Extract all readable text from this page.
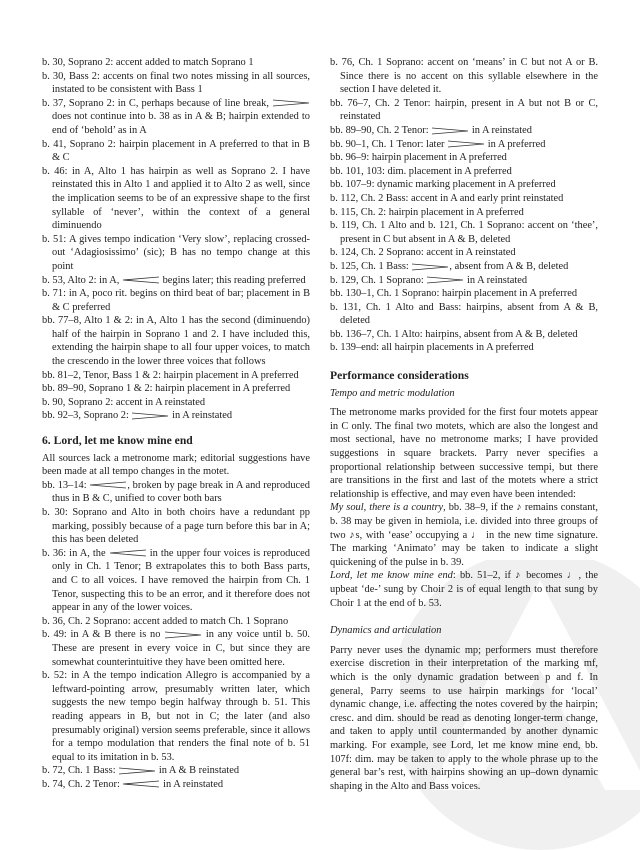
b. 30, Soprano 2: accent added to match Soprano 1

b. 30, Bass 2: accents on final two notes missing in all sources, instated to be consistent with Bass 1

b. 37, Soprano 2: in C, perhaps because of line break,
does not continue into b. 38 as in A & B; hairpin extended to end of ‘behold’ as in A

b. 41, Soprano 2: hairpin placement in A preferred to that in B & C

b. 46: in A, Alto 1 has hairpin as well as Soprano 2. I have reinstated this in Alto 1 and applied it to Alto 2 as well, since the implication seems to be of an expressive shape to the first syllable of ‘never’, within the context of a general diminuendo

b. 51: A gives tempo indication ‘Very slow’, replacing crossed-out ‘Adagiosissimo’ (sic); B has no tempo change at this point

b. 53, Alto 2: in A,	begins later; this reading preferred

b. 71: in A, poco rit. begins on third beat of bar; placement in B & C preferred

bb. 77–8, Alto 1 & 2: in A, Alto 1 has the second (diminuendo) half of the hairpin in Soprano 1 and 2. I have included this, extending the hairpin shape to all four upper voices, to match the crescendo in the lower three voices that follows

bb. 81–2, Tenor, Bass 1 & 2: hairpin placement in A preferred

bb. 89–90, Soprano 1 & 2: hairpin placement in A preferred

b. 90, Soprano 2: accent in A reinstated

bb. 92–3, Soprano 2:	in A reinstated

6. Lord, let me know mine end

All sources lack a metronome mark; editorial suggestions have been made at all tempo changes in the motet.

bb. 13–14:	, broken by page break in A and reproduced thus in B & C, unified to cover both bars

b. 30: Soprano and Alto in both choirs have a redundant pp marking, possibly because of a page turn before this bar in A; this has been deleted

b. 36: in A, the	in the upper four voices is reproduced only in Ch. 1 Tenor; B extrapolates this to both Bass parts, and C to all voices. I have removed the hairpin from Ch. 1 Tenor, suspecting this to be an error, and it therefore does not appear in any of the lower voices.

b. 36, Ch. 2 Soprano: accent added to match Ch. 1 Soprano

b. 49: in A & B there is no	in any voice until b. 50. These are present in every voice in C, but since they are somewhat counterintuitive they have been omitted here.

b. 52: in A the tempo indication Allegro is accompanied by a leftward-pointing arrow, presumably written later, which suggests the new tempo begin halfway through b. 51. This reading appears in B, but not in C; the later (and also presumably original) version seems preferable, since it allows for a tempo modulation that renders the final note of b. 51 equal to its imitation in b. 53.

b. 72, Ch. 1 Bass:	in A & B reinstated

b. 74, Ch. 2 Tenor:	in A reinstated

b. 76, Ch. 1 Soprano: accent on ‘means’ in C but not A or B. Since there is no accent on this syllable elsewhere in the section I have deleted it.

bb. 76–7, Ch. 2 Tenor: hairpin, present in A but not B or C, reinstated

bb. 89–90, Ch. 2 Tenor:	in A reinstated

bb. 90–1, Ch. 1 Tenor: later	in A preferred

bb. 96–9: hairpin placement in A preferred

bb. 101, 103: dim. placement in A preferred

bb. 107–9: dynamic marking placement in A preferred

b. 112, Ch. 2 Bass: accent in A and early print reinstated

b. 115, Ch. 2: hairpin placement in A preferred

b. 119, Ch. 1 Alto and b. 121, Ch. 1 Soprano: accent on ‘thee’, present in C but absent in A & B, deleted

b. 124, Ch. 2 Soprano: accent in A reinstated

b. 125, Ch. 1 Bass:	, absent from A & B, deleted

b. 129, Ch. 1 Soprano:	in A reinstated

bb. 130–1, Ch. 1 Soprano: hairpin placement in A preferred

b. 131, Ch. 1 Alto and Bass: hairpins, absent from A & B, deleted

bb. 136–7, Ch. 1 Alto: hairpins, absent from A & B, deleted

b. 139–end: all hairpin placements in A preferred

Performance considerations

Tempo and metric modulation

The metronome marks provided for the first four motets appear in C only. The final two motets, which are also the longest and most sectional, have no metronome marks; I have provided suggestions in square brackets. Parry never specifies a proportional relationship between successive tempi, but there are transitions in the first and last of the motets where a strict relationship is effective, and may even have been intended:

My soul, there is a country, bb. 38–9, if the ♪ remains constant, b. 38 may be given in hemiola, i.e. divided into three groups of two ♪s, with ‘ease’ occupying a ♩ in the new time signature. The marking ‘Animato’ may be taken to indicate a slight quickening of the pulse in b. 39.

Lord, let me know mine end: bb. 51–2, if ♪ becomes ♩, the upbeat ‘de-’ sung by Choir 2 is of equal length to that sung by Choir 1 at the end of b. 53.

Dynamics and articulation

Parry never uses the dynamic mp; performers must therefore exercise discretion in their interpretation of the marking mf, which is the only dynamic gradation between p and f. In general, Parry seems to use hairpin markings for ‘local’ dynamic change, i.e. affecting the notes covered by the hairpin; cresc. and dim. should be read as denoting longer-term change, and taken to apply until countermanded by another dynamic marking. For example, see Lord, let me know mine end, bb. 107f: dim. may be taken to apply to the whole phrase up to the general bar’s rest, with hairpins showing an up–down dynamic shaping in the Alto and Bass voices.
